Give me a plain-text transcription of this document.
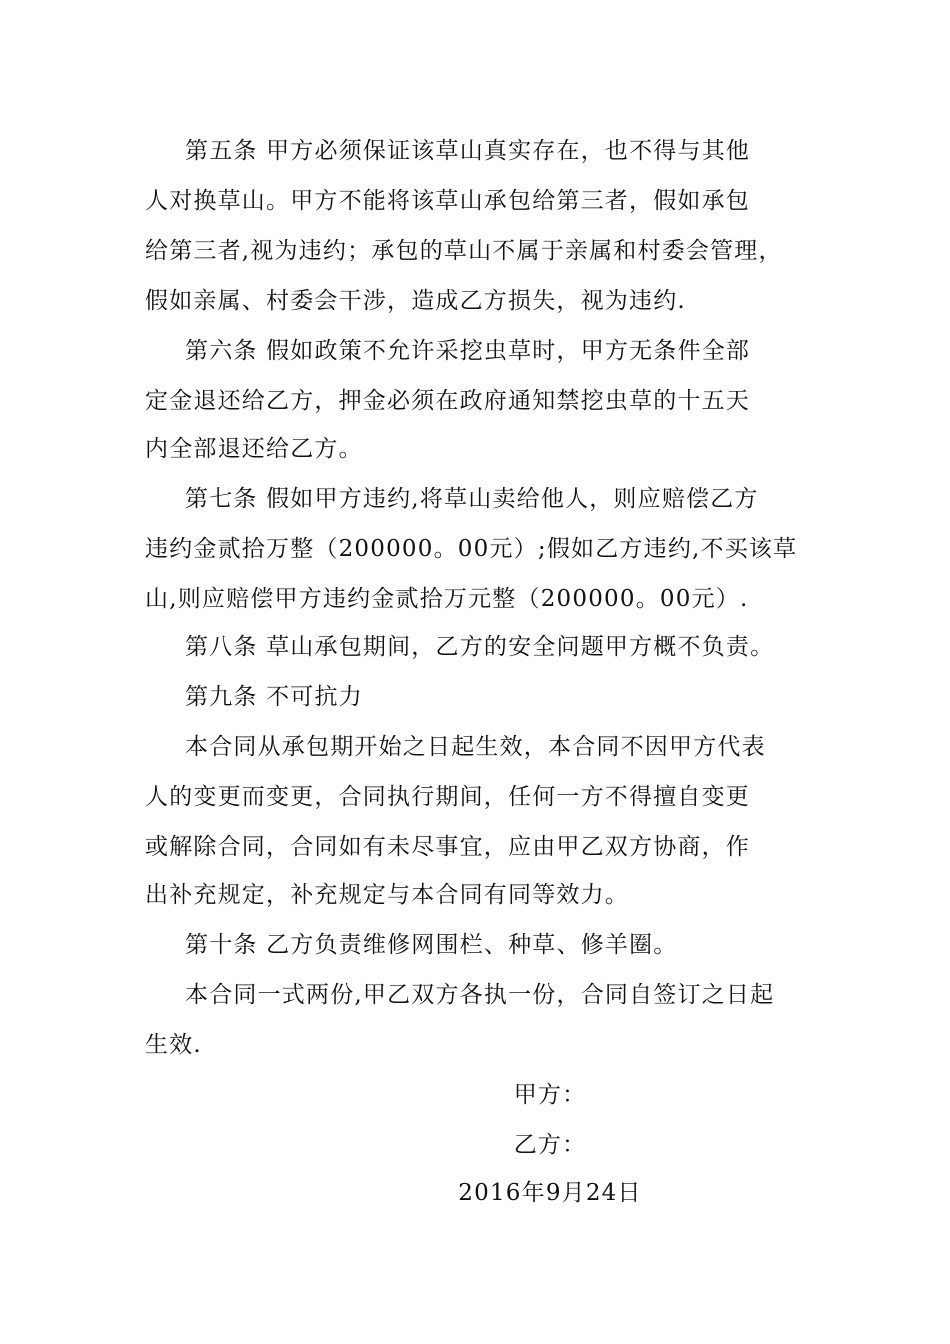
第五条 甲方必须保证该草山真实存在，也不得与其他
人对换草山。甲方不能将该草山承包给第三者，假如承包
给第三者,视为违约；承包的草山不属于亲属和村委会管理，
假如亲属、村委会干涉，造成乙方损失，视为违约.
第六条 假如政策不允许采挖虫草时，甲方无条件全部
定金退还给乙方，押金必须在政府通知禁挖虫草的十五天
内全部退还给乙方。
第七条 假如甲方违约,将草山卖给他人，则应赔偿乙方
违约金贰拾万整（200000。00元）;假如乙方违约,不买该草
山,则应赔偿甲方违约金贰拾万元整（200000。00元）.
第八条 草山承包期间，乙方的安全问题甲方概不负责。
第九条 不可抗力
本合同从承包期开始之日起生效，本合同不因甲方代表
人的变更而变更，合同执行期间，任何一方不得擅自变更
或解除合同，合同如有未尽事宜，应由甲乙双方协商，作
出补充规定，补充规定与本合同有同等效力。
第十条 乙方负责维修网围栏、种草、修羊圈。
本合同一式两份,甲乙双方各执一份，合同自签订之日起
生效.
甲方：
乙方：
2016年9月24日
